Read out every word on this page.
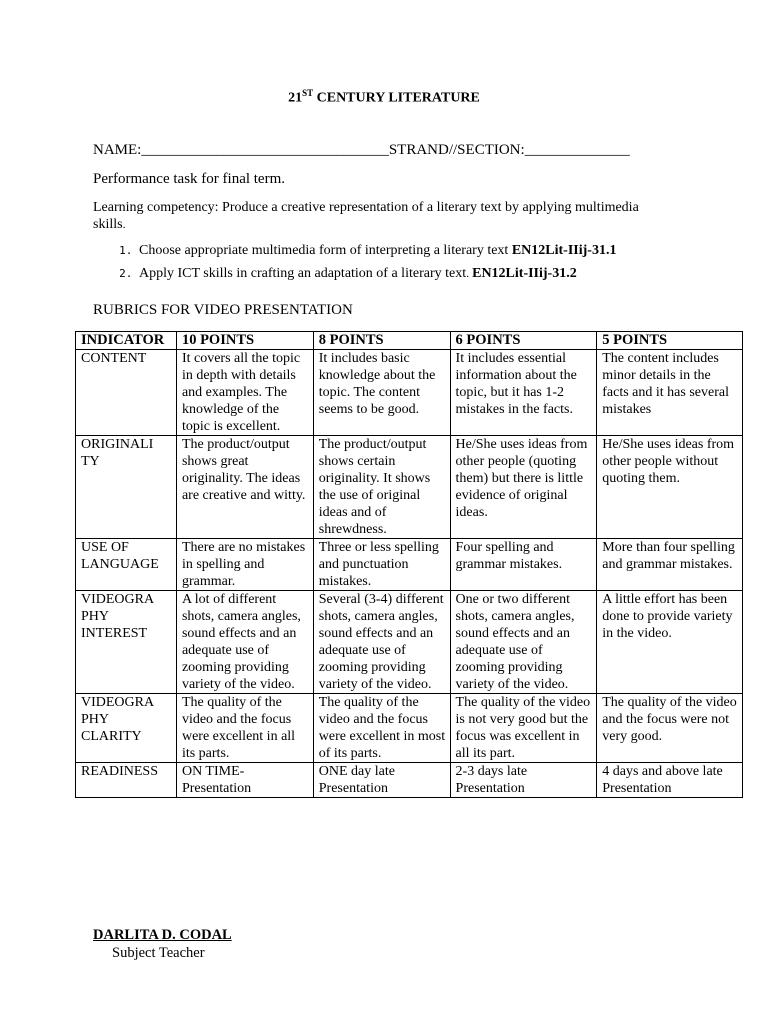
21ST CENTURY LITERATURE
NAME:_________________________________STRAND//SECTION:______________
Performance task for final term.
Learning competency: Produce a creative representation of a literary text by applying multimedia
skills.
1. Choose appropriate multimedia form of interpreting a literary text EN12Lit-IIij-31.1
2. Apply ICT skills in crafting an adaptation of a literary text. EN12Lit-IIij-31.2
RUBRICS FOR VIDEO PRESENTATION
INDICATOR	10 POINTS	8 POINTS	6 POINTS	5 POINTS
CONTENT	It covers all the topic in depth with details and examples. The knowledge of the topic is excellent.	It includes basic knowledge about the topic. The content seems to be good.	It includes essential information about the topic, but it has 1-2 mistakes in the facts.	The content includes minor details in the facts and it has several mistakes
ORIGINALI TY	The product/output shows great originality. The ideas are creative and witty.	The product/output shows certain originality. It shows the use of original ideas and of shrewdness.	He/She uses ideas from other people (quoting them) but there is little evidence of original ideas.	He/She uses ideas from other people without quoting them.
USE OF LANGUAGE	There are no mistakes in spelling and grammar.	Three or less spelling and punctuation mistakes.	Four spelling and grammar mistakes.	More than four spelling and grammar mistakes.
VIDEOGRA PHY INTEREST	A lot of different shots, camera angles, sound effects and an adequate use of zooming providing variety of the video.	Several (3-4) different shots, camera angles, sound effects and an adequate use of zooming providing variety of the video.	One or two different shots, camera angles, sound effects and an adequate use of zooming providing variety of the video.	A little effort has been done to provide variety in the video.
VIDEOGRA PHY CLARITY	The quality of the video and the focus were excellent in all its parts.	The quality of the video and the focus were excellent in most of its parts.	The quality of the video is not very good but the focus was excellent in all its part.	The quality of the video and the focus were not very good.
READINESS	ON TIME- Presentation	ONE day late Presentation	2-3 days late Presentation	4 days and above late Presentation
DARLITA D. CODAL
Subject Teacher
